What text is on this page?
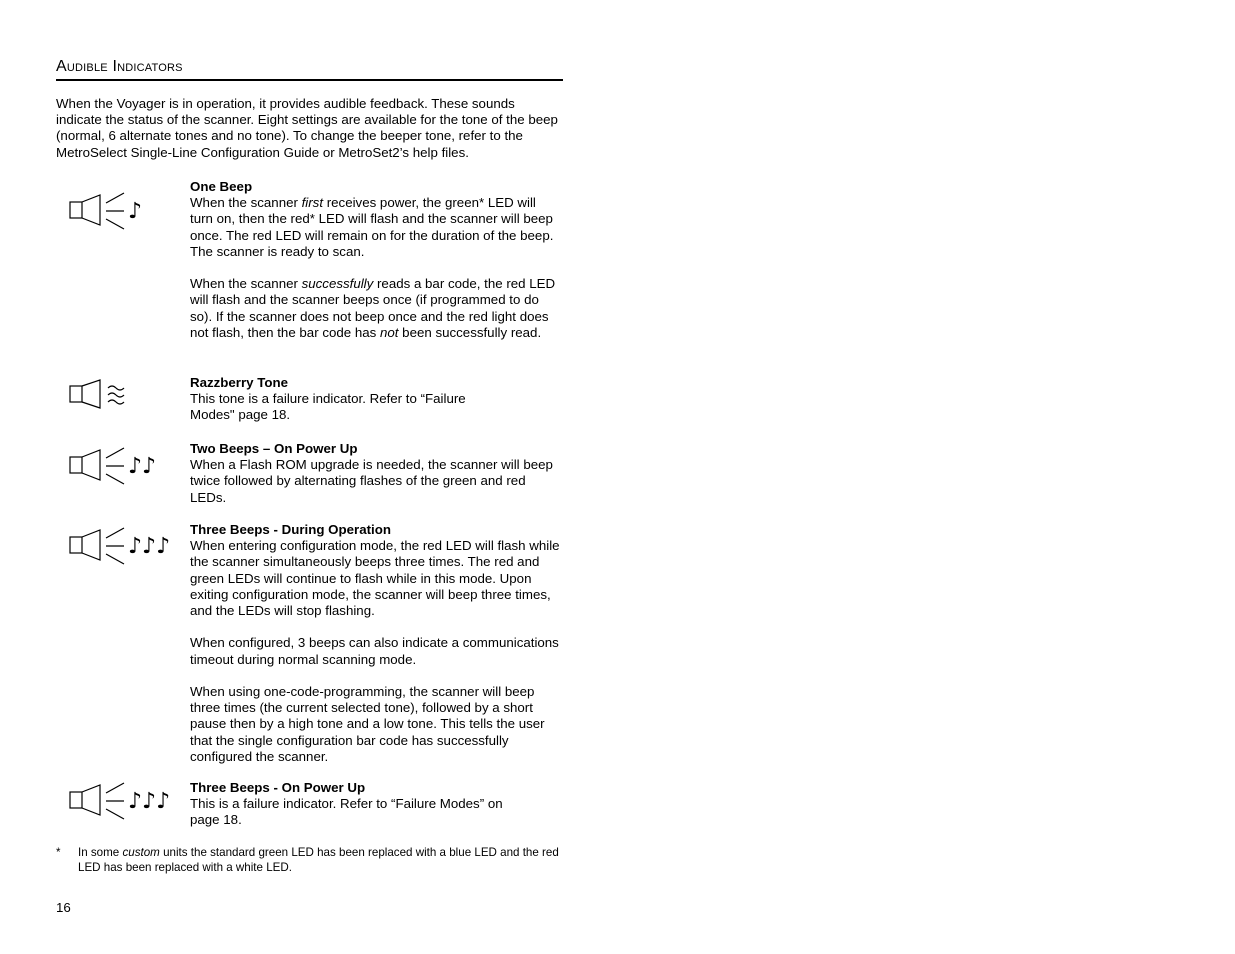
Audible Indicators
When the Voyager is in operation, it provides audible feedback. These sounds indicate the status of the scanner. Eight settings are available for the tone of the beep (normal, 6 alternate tones and no tone). To change the beeper tone, refer to the MetroSelect Single-Line Configuration Guide or MetroSet2’s help files.
♪
One Beep

When the scanner first receives power, the green* LED will turn on, then the red* LED will flash and the scanner will beep once. The red LED will remain on for the duration of the beep. The scanner is ready to scan.

When the scanner successfully reads a bar code, the red LED will flash and the scanner beeps once (if programmed to do so). If the scanner does not beep once and the red light does not flash, then the bar code has not been successfully read.

Razzberry Tone

This tone is a failure indicator. Refer to “Failure Modes" page 18.

♪♪
Two Beeps – On Power Up

When a Flash ROM upgrade is needed, the scanner will beep twice followed by alternating flashes of the green and red LEDs.

♪♪♪
Three Beeps - During Operation

When entering configuration mode, the red LED will flash while the scanner simultaneously beeps three times. The red and green LEDs will continue to flash while in this mode. Upon exiting configuration mode, the scanner will beep three times, and the LEDs will stop flashing.

When configured, 3 beeps can also indicate a communications timeout during normal scanning mode.

When using one-code-programming, the scanner will beep three times (the current selected tone), followed by a short pause then by a high tone and a low tone. This tells the user that the single configuration bar code has successfully configured the scanner.

♪♪♪
Three Beeps - On Power Up

This is a failure indicator. Refer to “Failure Modes” on page 18.

* In some custom units the standard green LED has been replaced with a blue LED and the red LED has been replaced with a white LED.
16
